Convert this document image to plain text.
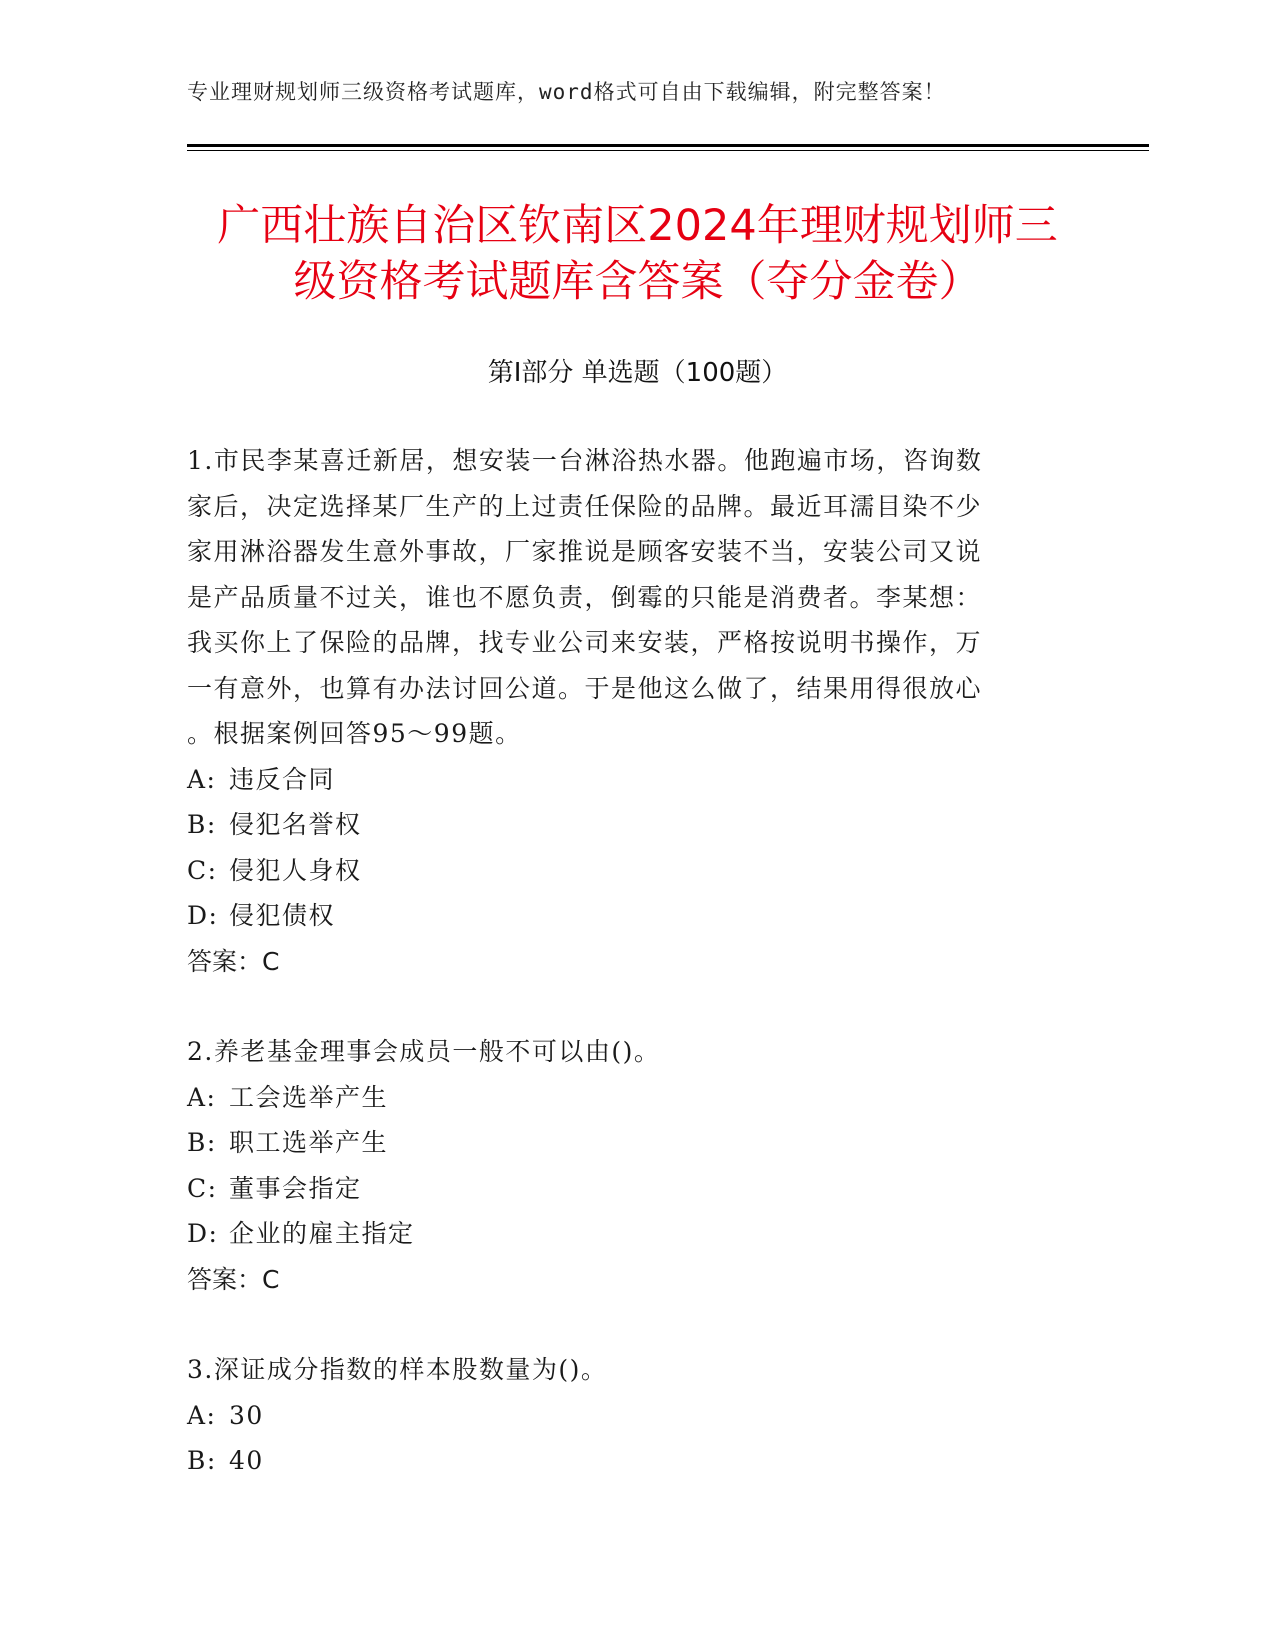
专业理财规划师三级资格考试题库，word格式可自由下载编辑，附完整答案！
广西壮族自治区钦南区2024年理财规划师三
级资格考试题库含答案（夺分金卷）
第Ⅰ部分 单选题（100题）

1.市民李某喜迁新居，想安装一台淋浴热水器。他跑遍市场，咨询数

家后，决定选择某厂生产的上过责任保险的品牌。最近耳濡目染不少

家用淋浴器发生意外事故，厂家推说是顾客安装不当，安装公司又说

是产品质量不过关，谁也不愿负责，倒霉的只能是消费者。李某想：

我买你上了保险的品牌，找专业公司来安装，严格按说明书操作，万

一有意外，也算有办法讨回公道。于是他这么做了，结果用得很放心

。根据案例回答95～99题。

A: 违反合同

B: 侵犯名誉权

C: 侵犯人身权

D: 侵犯债权

答案：C

2.养老基金理事会成员一般不可以由()。

A: 工会选举产生

B: 职工选举产生

C: 董事会指定

D: 企业的雇主指定

答案：C

3.深证成分指数的样本股数量为()。

A: 30

B: 40
